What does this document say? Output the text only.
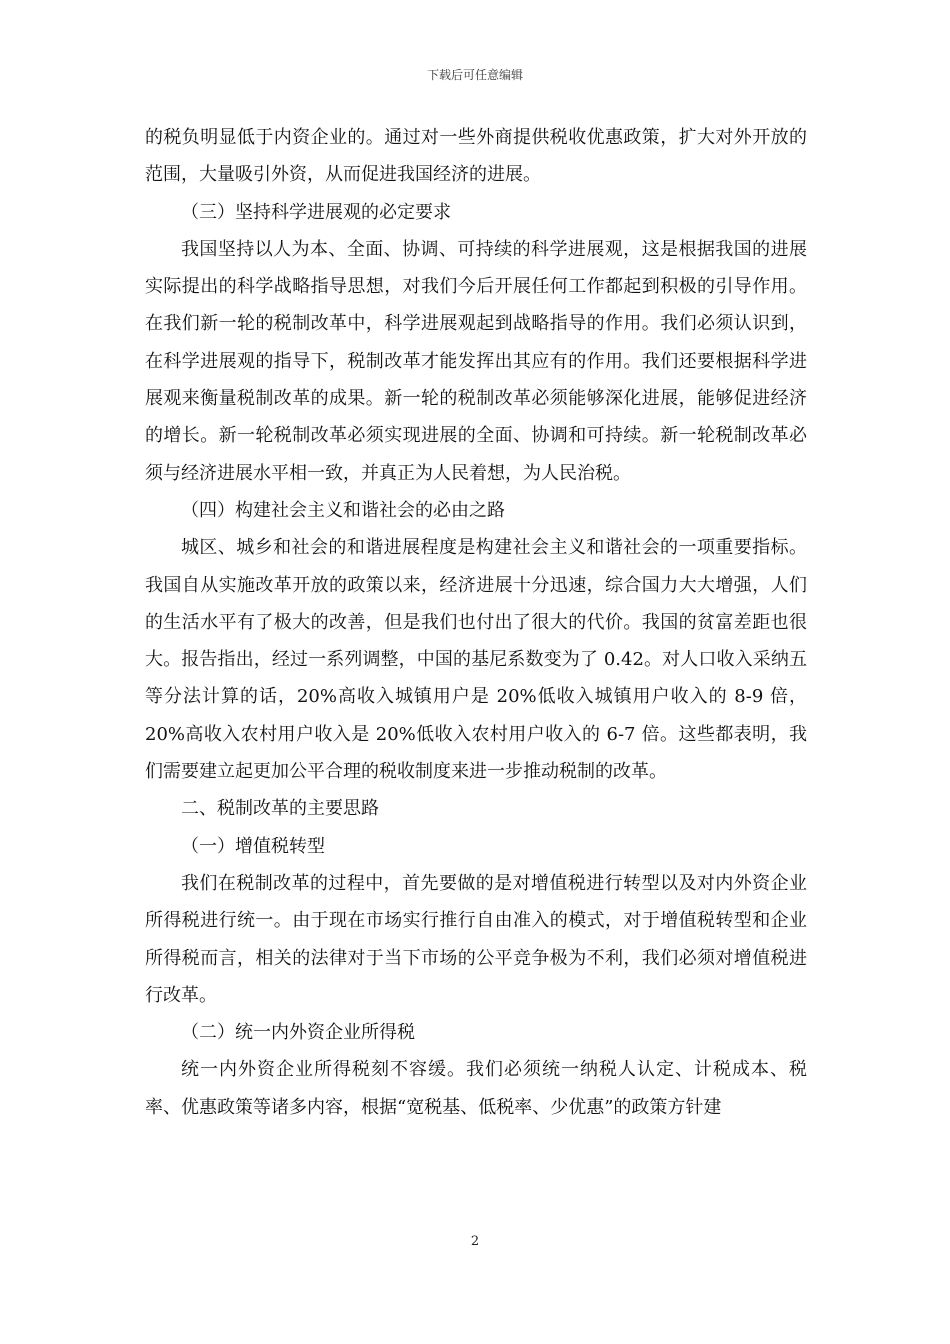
下载后可任意编辑

的税负明显低于内资企业的。通过对一些外商提供税收优惠政策，扩大对外开放的范围，大量吸引外资，从而促进我国经济的进展。

（三）坚持科学进展观的必定要求

我国坚持以人为本、全面、协调、可持续的科学进展观，这是根据我国的进展实际提出的科学战略指导思想，对我们今后开展任何工作都起到积极的引导作用。在我们新一轮的税制改革中，科学进展观起到战略指导的作用。我们必须认识到，在科学进展观的指导下，税制改革才能发挥出其应有的作用。我们还要根据科学进展观来衡量税制改革的成果。新一轮的税制改革必须能够深化进展，能够促进经济的增长。新一轮税制改革必须实现进展的全面、协调和可持续。新一轮税制改革必须与经济进展水平相一致，并真正为人民着想，为人民治税。

（四）构建社会主义和谐社会的必由之路

城区、城乡和社会的和谐进展程度是构建社会主义和谐社会的一项重要指标。我国自从实施改革开放的政策以来，经济进展十分迅速，综合国力大大增强，人们的生活水平有了极大的改善，但是我们也付出了很大的代价。我国的贫富差距也很大。报告指出，经过一系列调整，中国的基尼系数变为了 0.42。对人口收入采纳五等分法计算的话，20%高收入城镇用户是 20%低收入城镇用户收入的 8-9 倍，20%高收入农村用户收入是 20%低收入农村用户收入的 6-7 倍。这些都表明，我们需要建立起更加公平合理的税收制度来进一步推动税制的改革。

二、税制改革的主要思路

（一）增值税转型

我们在税制改革的过程中，首先要做的是对增值税进行转型以及对内外资企业所得税进行统一。由于现在市场实行推行自由准入的模式，对于增值税转型和企业所得税而言，相关的法律对于当下市场的公平竞争极为不利，我们必须对增值税进行改革。

（二）统一内外资企业所得税

统一内外资企业所得税刻不容缓。我们必须统一纳税人认定、计税成本、税率、优惠政策等诸多内容，根据“宽税基、低税率、少优惠”的政策方针建

2
